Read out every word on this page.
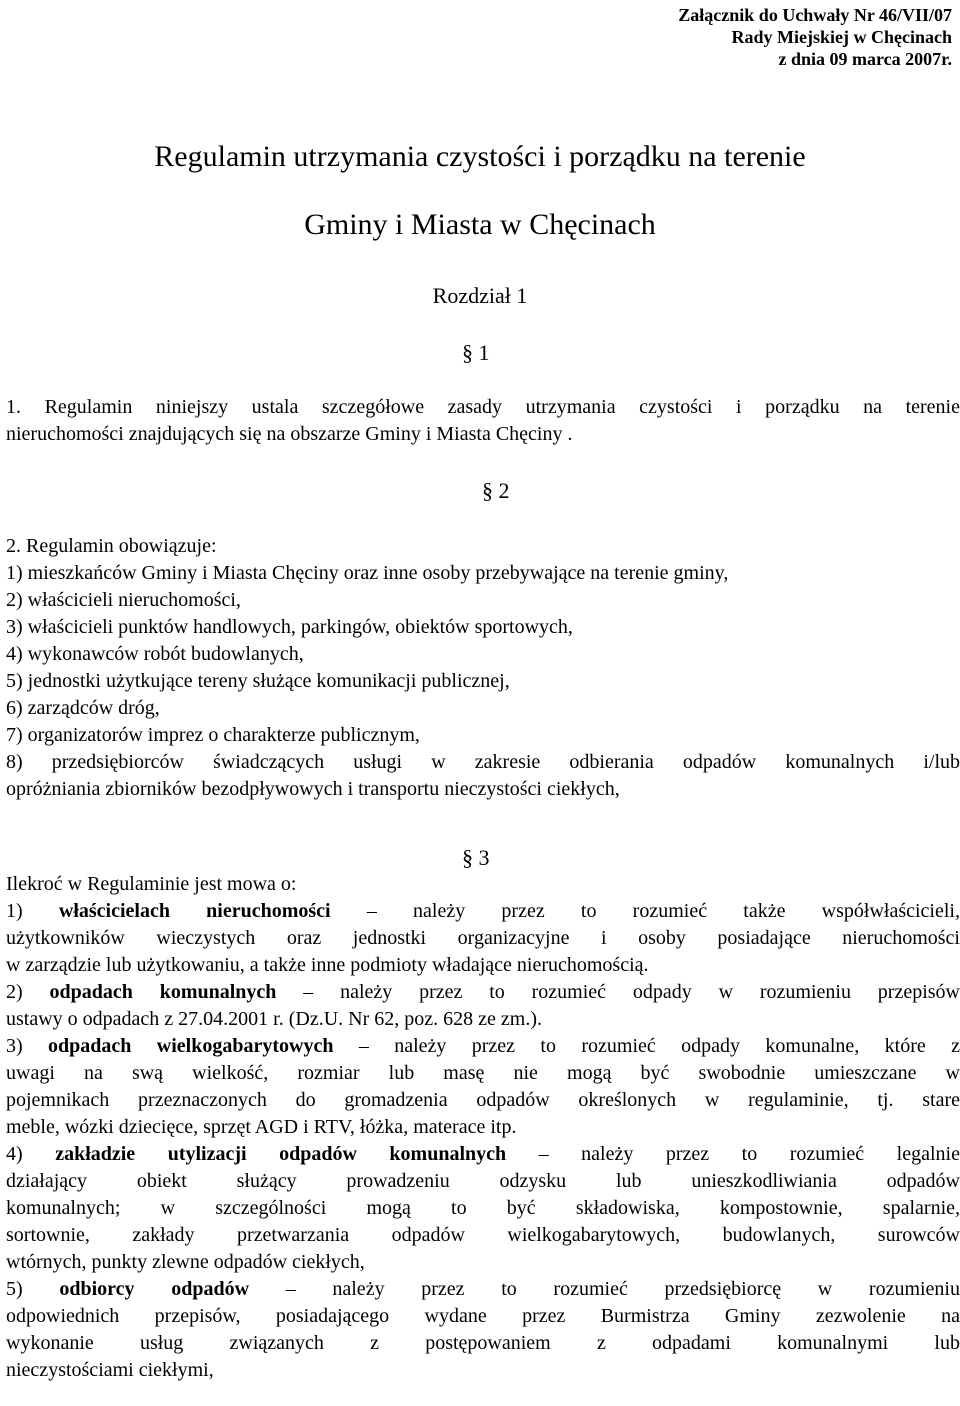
Załącznik do Uchwały Nr 46/VII/07
Rady Miejskiej w Chęcinach
z dnia 09 marca 2007r.
Regulamin utrzymania czystości i porządku na terenie
Gminy i Miasta w Chęcinach
Rozdział 1
§ 1

1. Regulamin niniejszy ustala szczegółowe zasady utrzymania czystości i porządku na terenie

nieruchomości znajdujących się na obszarze Gminy i Miasta Chęciny .

§ 2

2. Regulamin obowiązuje:

1) mieszkańców Gminy i Miasta Chęciny oraz inne osoby przebywające na terenie gminy,

2) właścicieli nieruchomości,

3) właścicieli punktów handlowych, parkingów, obiektów sportowych,

4) wykonawców robót budowlanych,

5) jednostki użytkujące tereny służące komunikacji publicznej,

6) zarządców dróg,

7) organizatorów imprez o charakterze publicznym,

8) przedsiębiorców świadczących usługi w zakresie odbierania odpadów komunalnych i/lub

opróżniania zbiorników bezodpływowych i transportu nieczystości ciekłych,

§ 3

Ilekroć w Regulaminie jest mowa o:

1) właścicielach nieruchomości – należy przez to rozumieć także współwłaścicieli,

użytkowników wieczystych oraz jednostki organizacyjne i osoby posiadające nieruchomości

w zarządzie lub użytkowaniu, a także inne podmioty władające nieruchomością.

2) odpadach komunalnych – należy przez to rozumieć odpady w rozumieniu przepisów

ustawy o odpadach z 27.04.2001 r. (Dz.U. Nr 62, poz. 628 ze zm.).

3) odpadach wielkogabarytowych – należy przez to rozumieć odpady komunalne, które z

uwagi na swą wielkość, rozmiar lub masę nie mogą być swobodnie umieszczane w

pojemnikach przeznaczonych do gromadzenia odpadów określonych w regulaminie, tj. stare

meble, wózki dziecięce, sprzęt AGD i RTV, łóżka, materace itp.

4) zakładzie utylizacji odpadów komunalnych – należy przez to rozumieć legalnie

działający obiekt służący prowadzeniu odzysku lub unieszkodliwiania odpadów

komunalnych; w szczególności mogą to być składowiska, kompostownie, spalarnie,

sortownie, zakłady przetwarzania odpadów wielkogabarytowych, budowlanych, surowców

wtórnych, punkty zlewne odpadów ciekłych,

5) odbiorcy odpadów – należy przez to rozumieć przedsiębiorcę w rozumieniu

odpowiednich przepisów, posiadającego wydane przez Burmistrza Gminy zezwolenie na

wykonanie usług związanych z postępowaniem z odpadami komunalnymi lub

nieczystościami ciekłymi,
